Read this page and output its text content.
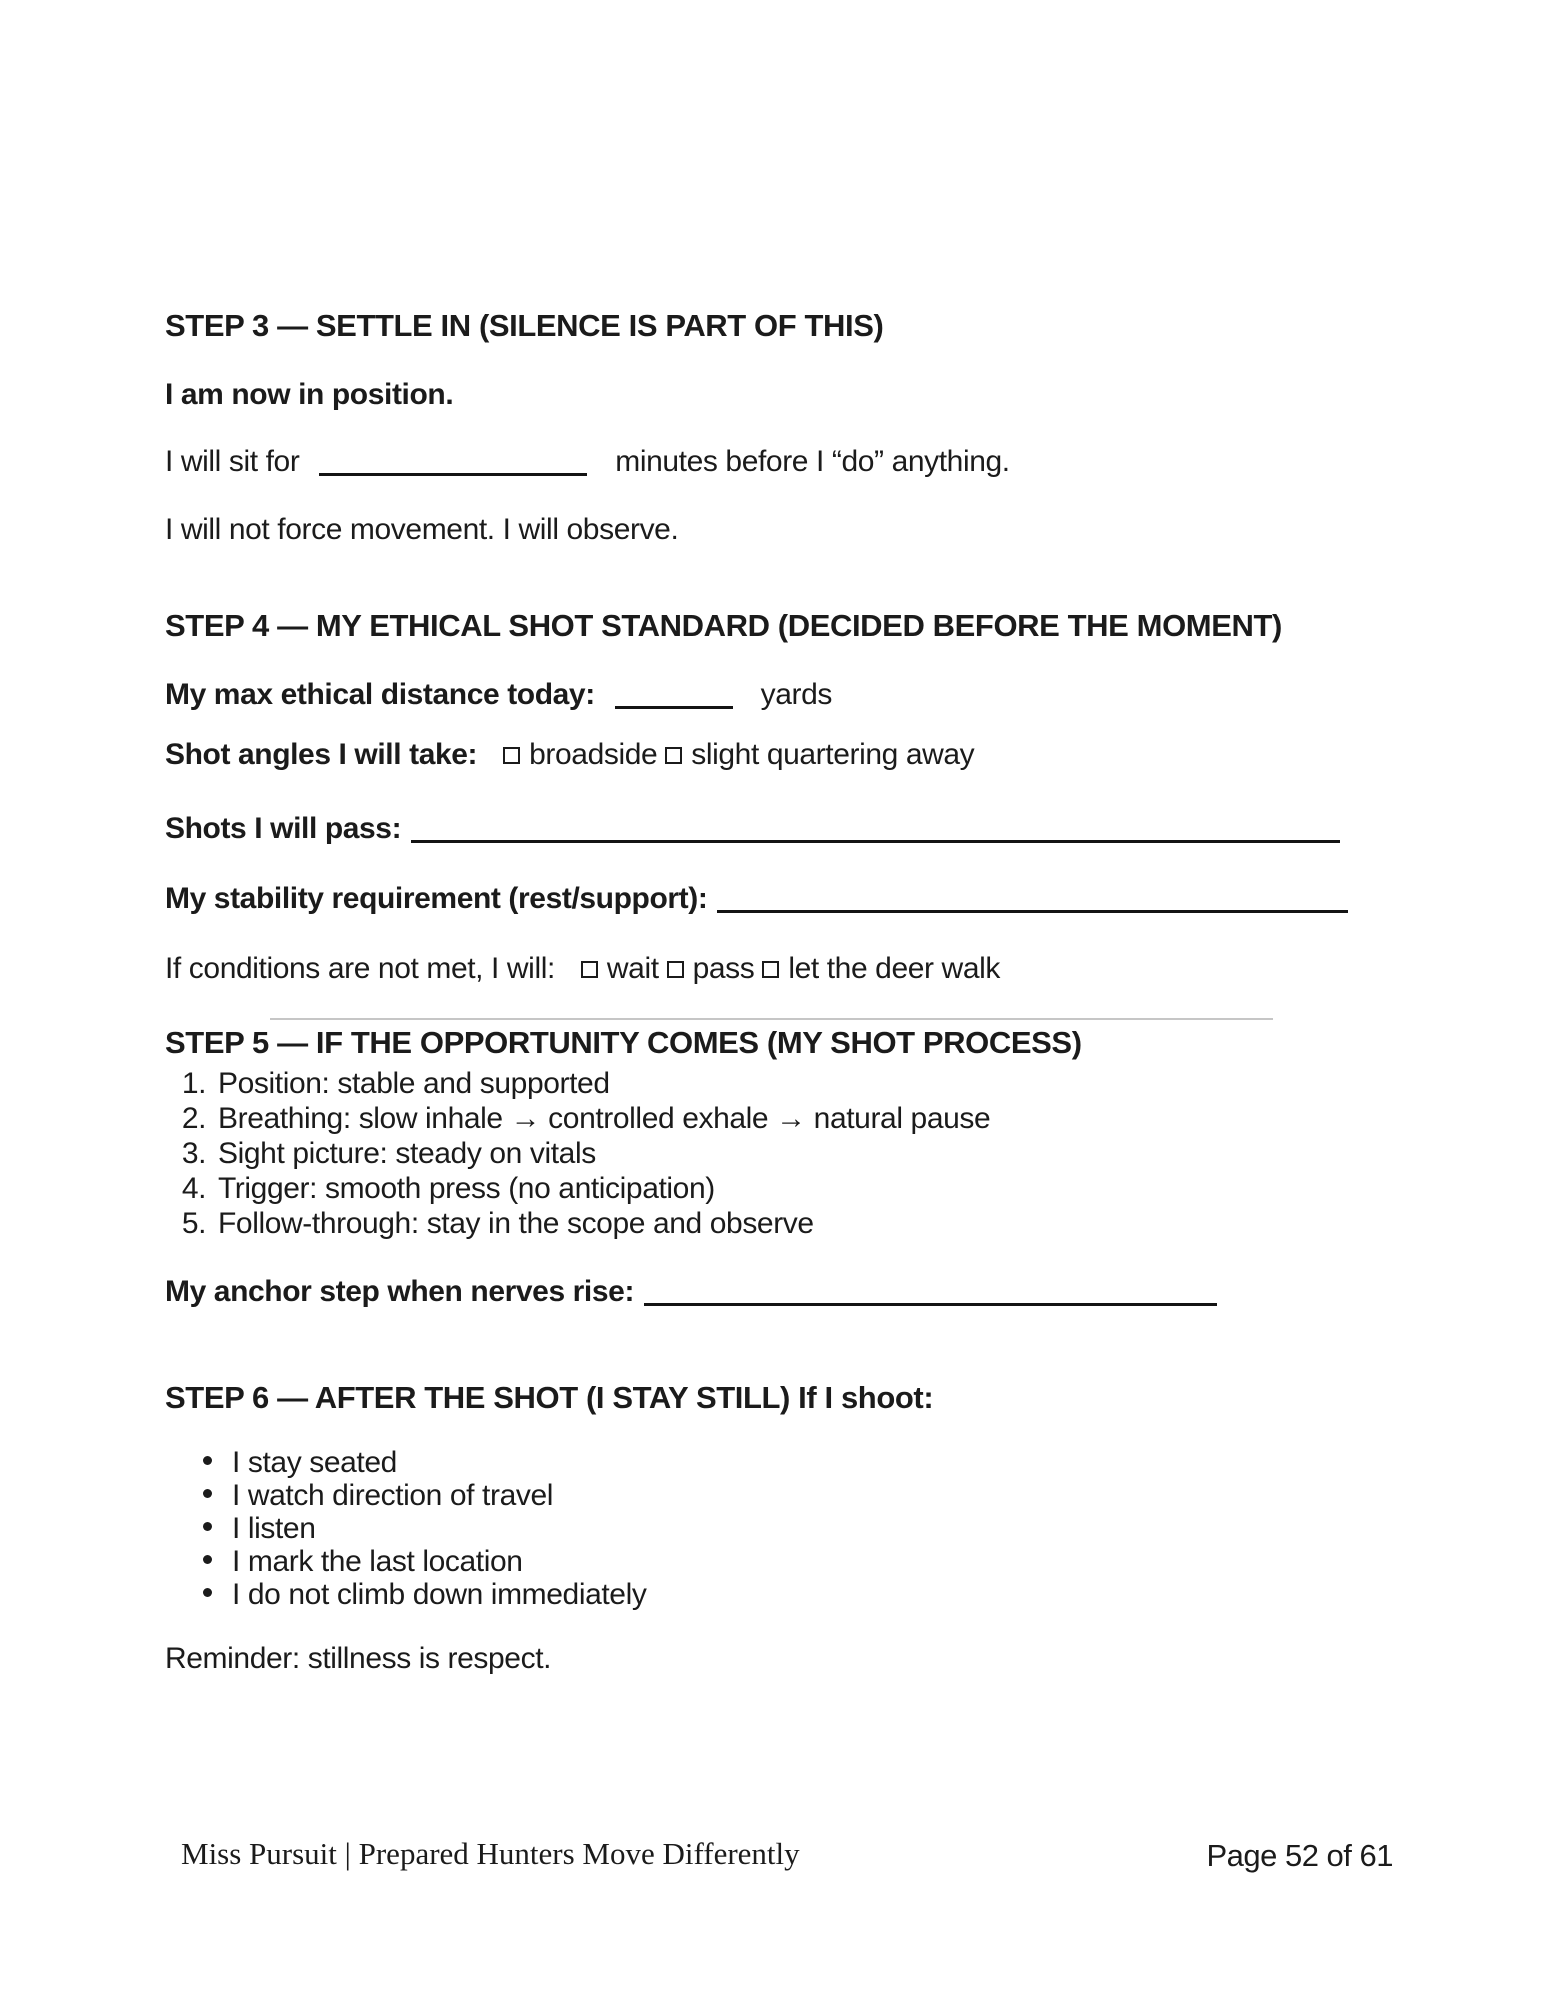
STEP 3 — SETTLE IN (SILENCE IS PART OF THIS)
I am now in position.

I will sit for	minutes before I “do” anything.

I will not force movement. I will observe.
STEP 4 — MY ETHICAL SHOT STANDARD (DECIDED BEFORE THE MOMENT)

My max ethical distance today:	yards

Shot angles I will take: broadside slight quartering away

Shots I will pass:
My stability requirement (rest/support):

If conditions are not met, I will: wait pass let the deer walk

STEP 5 — IF THE OPPORTUNITY COMES (MY SHOT PROCESS)
1. Position: stable and supported
2. Breathing: slow inhale → controlled exhale → natural pause
3. Sight picture: steady on vitals
4. Trigger: smooth press (no anticipation)
5. Follow-through: stay in the scope and observe
My anchor step when nerves rise:
STEP 6 — AFTER THE SHOT (I STAY STILL) If I shoot:
I stay seated
I watch direction of travel
I listen
I mark the last location
I do not climb down immediately
Reminder: stillness is respect.
Miss Pursuit | Prepared Hunters Move Differently	Page 52 of 61
